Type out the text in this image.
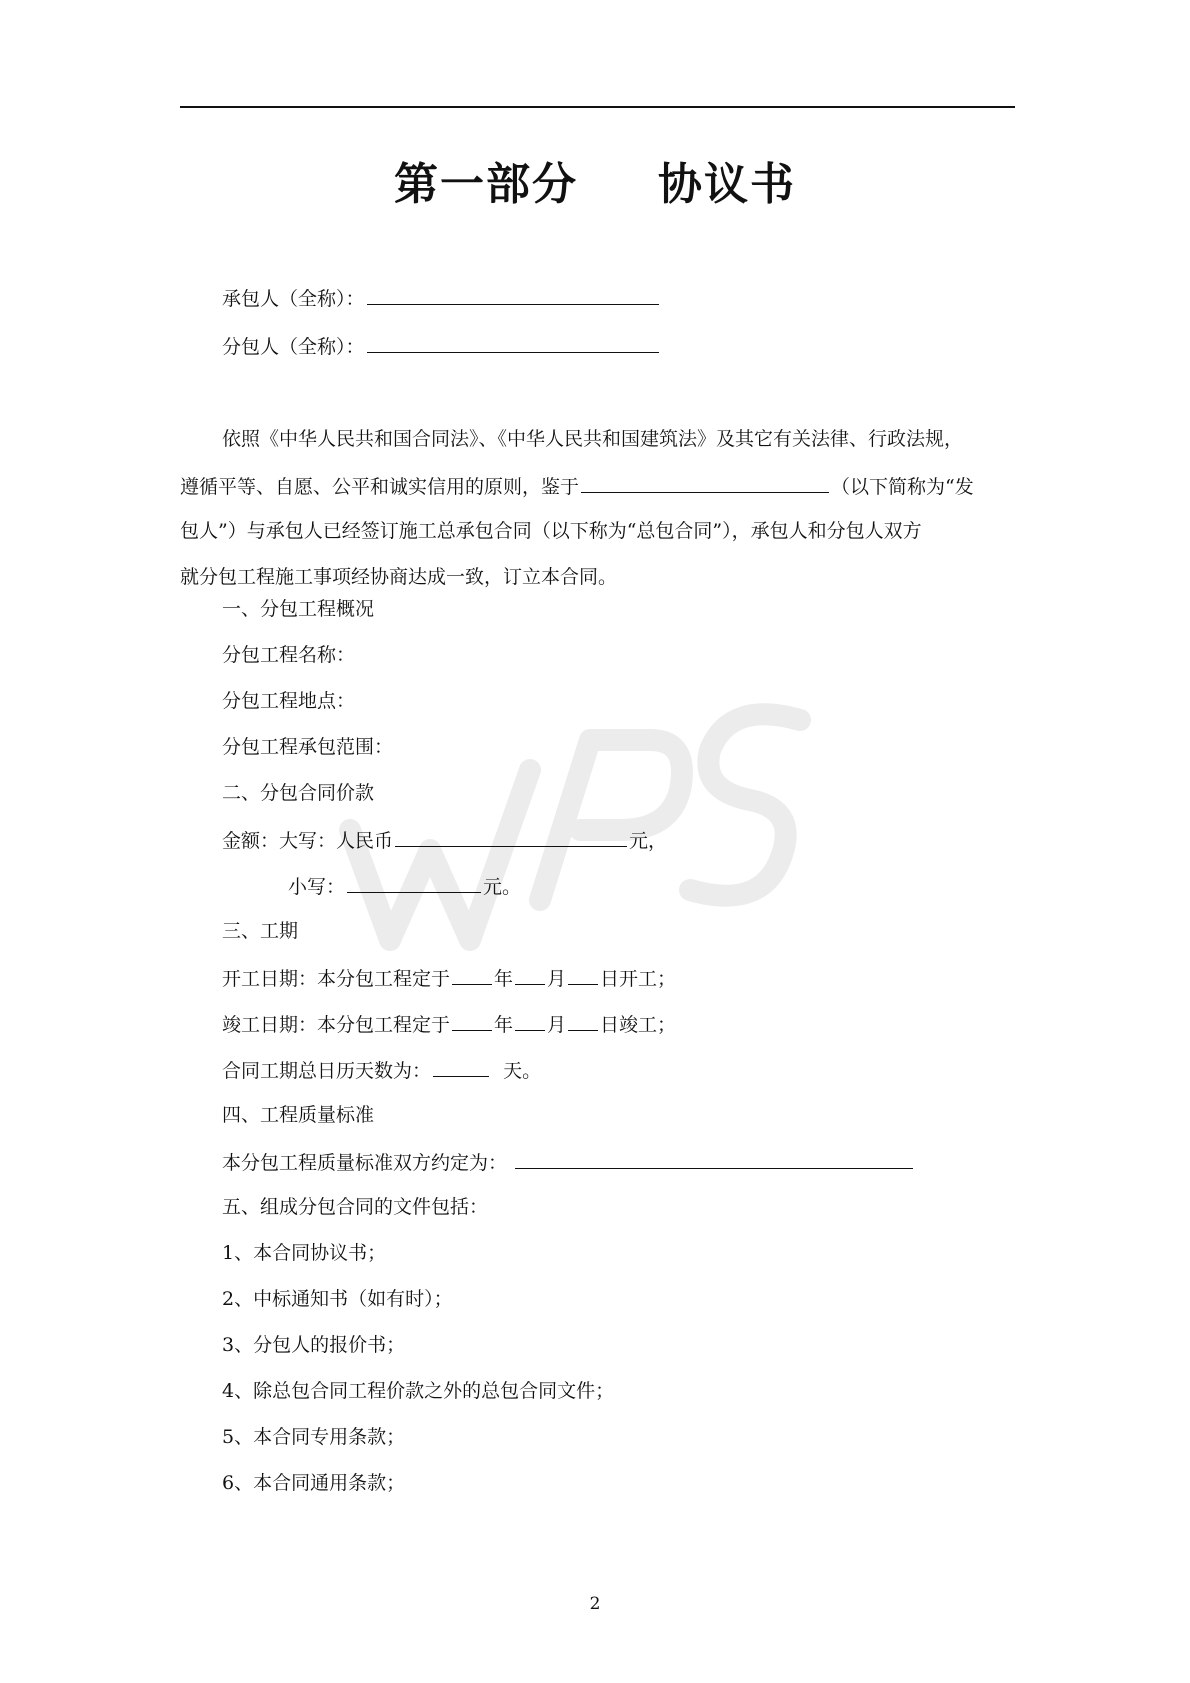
第一部分 协议书
承包人（全称）：
分包人（全称）：
依照《中华人民共和国合同法》、《中华人民共和国建筑法》及其它有关法律、行政法规，
遵循平等、自愿、公平和诚实信用的原则，鉴于	（以下简称为“发
包人”）与承包人已经签订施工总承包合同（以下称为“总包合同”），承包人和分包人双方
就分包工程施工事项经协商达成一致，订立本合同。
一、分包工程概况
分包工程名称：
分包工程地点：
分包工程承包范围：
二、分包合同价款
金额：大写：人民币	元，
小写：	元。
三、工期
开工日期：本分包工程定于 年 月 日开工；
竣工日期：本分包工程定于 年 月 日竣工；
合同工期总日历天数为：	天。
四、工程质量标准
本分包工程质量标准双方约定为：
五、组成分包合同的文件包括：
1、本合同协议书；
2、中标通知书（如有时）；
3、分包人的报价书；
4、除总包合同工程价款之外的总包合同文件；
5、本合同专用条款；
6、本合同通用条款；
2
